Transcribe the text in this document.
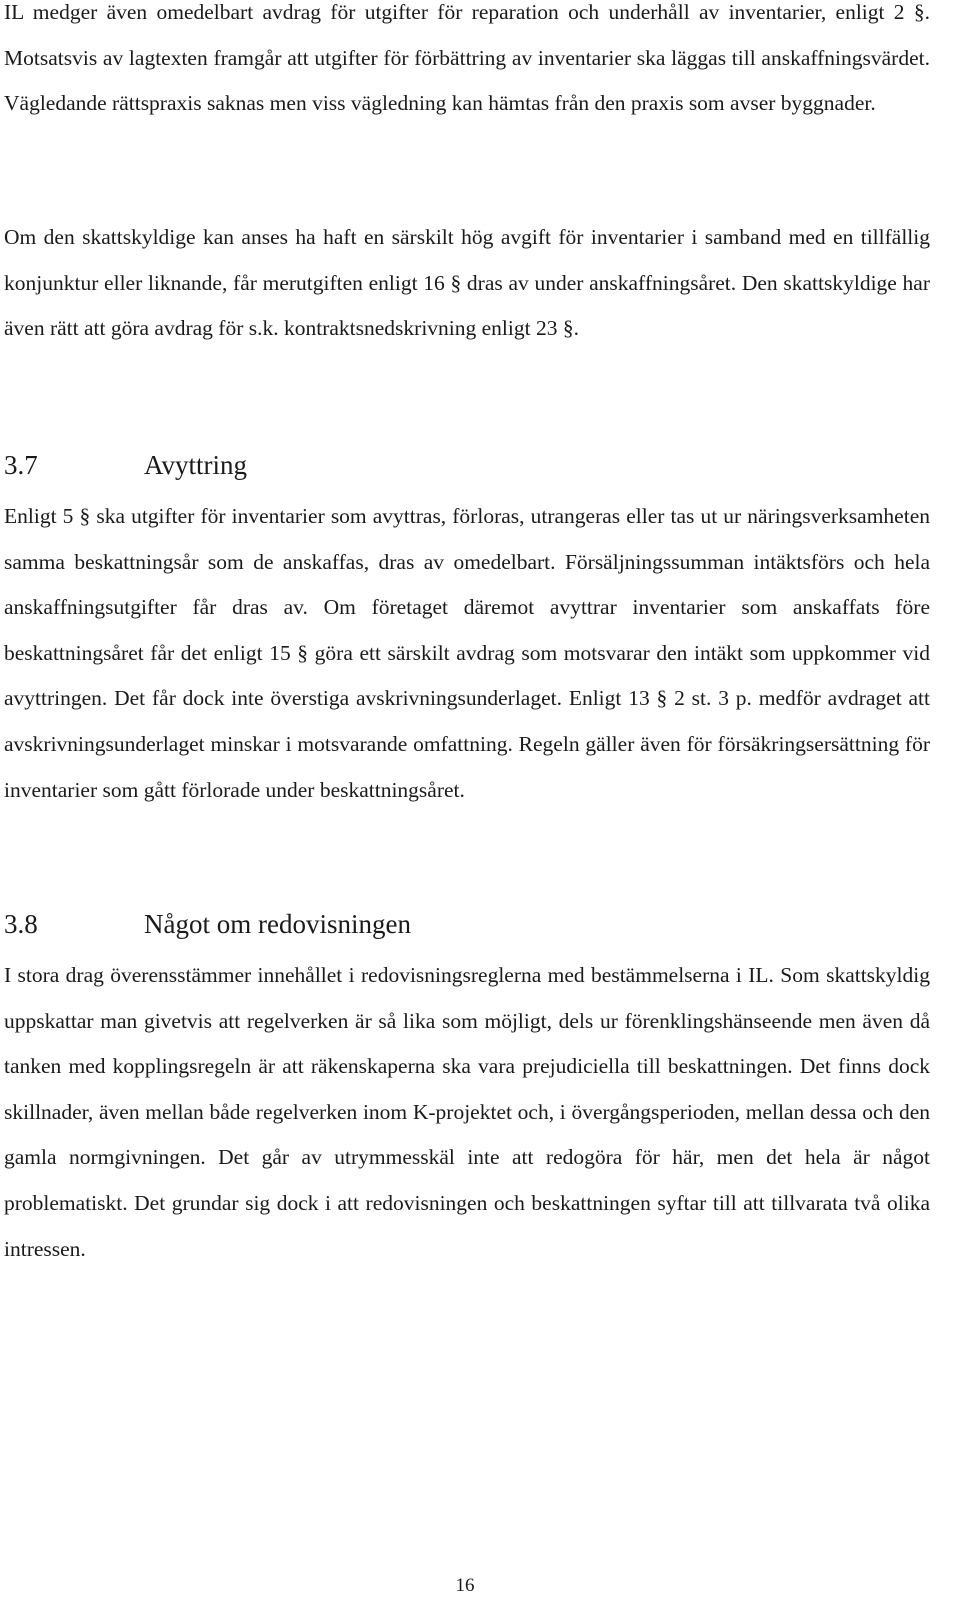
IL medger även omedelbart avdrag för utgifter för reparation och underhåll av inventarier, enligt 2 §. Motsatsvis av lagtexten framgår att utgifter för förbättring av inventarier ska läggas till anskaffningsvärdet. Vägledande rättspraxis saknas men viss vägledning kan hämtas från den praxis som avser byggnader.

Om den skattskyldige kan anses ha haft en särskilt hög avgift för inventarier i samband med en tillfällig konjunktur eller liknande, får merutgiften enligt 16 § dras av under anskaffningsåret. Den skattskyldige har även rätt att göra avdrag för s.k. kontraktsnedskrivning enligt 23 §.

3.7	Avyttring

Enligt 5 § ska utgifter för inventarier som avyttras, förloras, utrangeras eller tas ut ur näringsverksamheten samma beskattningsår som de anskaffas, dras av omedelbart. Försäljningssumman intäktsförs och hela anskaffningsutgifter får dras av. Om företaget däremot avyttrar inventarier som anskaffats före beskattningsåret får det enligt 15 § göra ett särskilt avdrag som motsvarar den intäkt som uppkommer vid avyttringen. Det får dock inte överstiga avskrivningsunderlaget. Enligt 13 § 2 st. 3 p. medför avdraget att avskrivningsunderlaget minskar i motsvarande omfattning. Regeln gäller även för försäkringsersättning för inventarier som gått förlorade under beskattningsåret.

3.8	Något om redovisningen

I stora drag överensstämmer innehållet i redovisningsreglerna med bestämmelserna i IL. Som skattskyldig uppskattar man givetvis att regelverken är så lika som möjligt, dels ur förenklingshänseende men även då tanken med kopplingsregeln är att räkenskaperna ska vara prejudiciella till beskattningen. Det finns dock skillnader, även mellan både regelverken inom K-projektet och, i övergångsperioden, mellan dessa och den gamla normgivningen. Det går av utrymmesskäl inte att redogöra för här, men det hela är något problematiskt. Det grundar sig dock i att redovisningen och beskattningen syftar till att tillvarata två olika intressen.

16
